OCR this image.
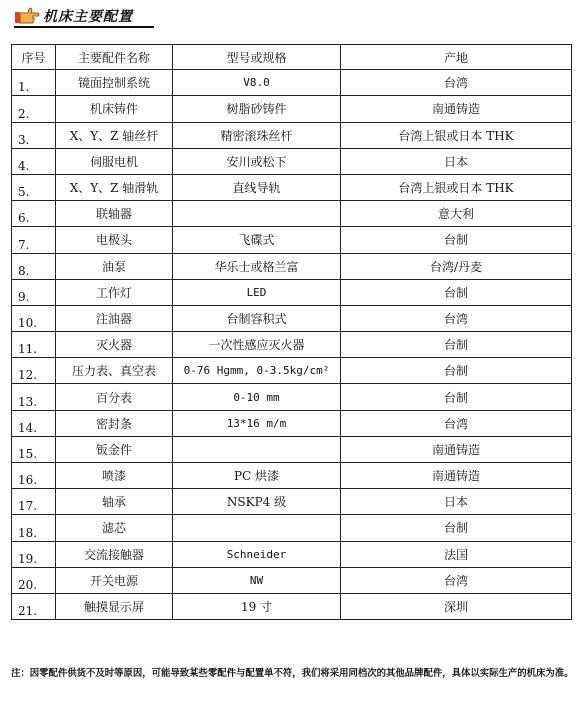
机床主要配置
序号	主要配件名称	型号或规格	产地
1.	镜面控制系统	V8.0	台湾
2.	机床铸件	树脂砂铸件	南通铸造
3.	X、Y、Z 轴丝杆	精密滚珠丝杆	台湾上银或日本 THK
4.	伺服电机	安川或松下	日本
5.	X、Y、Z 轴滑轨	直线导轨	台湾上银或日本 THK
6.	联轴器		意大利
7.	电极头	飞碟式	台制
8.	油泵	华乐士或格兰富	台湾/丹麦
9.	工作灯	LED	台制
10.	注油器	台制容积式	台湾
11.	灭火器	一次性感应灭火器	台制
12.	压力表、真空表	0-76 Hgmm, 0-3.5kg/cm²	台制
13.	百分表	0-10 mm	台制
14.	密封条	13*16 m/m	台湾
15.	钣金件		南通铸造
16.	喷漆	PC 烘漆	南通铸造
17.	轴承	NSKP4 级	日本
18.	滤芯		台制
19.	交流接触器	Schneider	法国
20.	开关电源	NW	台湾
21.	触摸显示屏	19 寸	深圳
注：因零配件供货不及时等原因，可能导致某些零配件与配置单不符，我们将采用同档次的其他品牌配件，具体以实际生产的机床为准。
